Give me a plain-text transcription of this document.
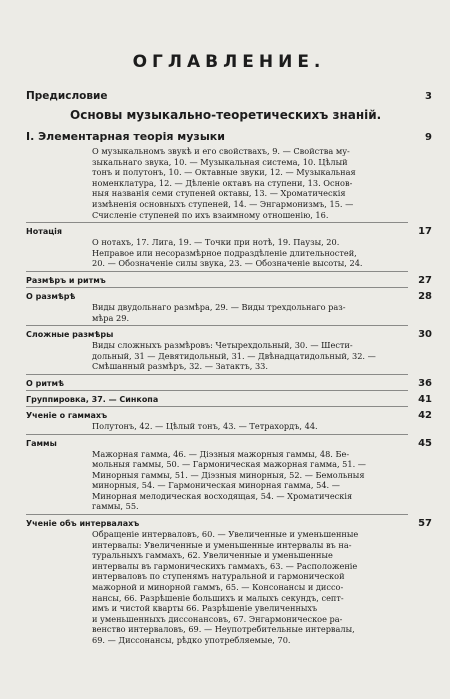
ОГЛАВЛЕНИЕ.
Предисловие	3
Основы музыкально-теоретическихъ знаній.
I. Элементарная теорія музыки	9
О музыкальномъ звукѣ и его свойствахъ, 9. — Свойства му-
зыкальнаго звука, 10. — Музыкальная система, 10. Цѣлый
тонъ и полутонъ, 10. — Октавные звуки, 12. — Музыкальная
номенклатура, 12. — Дѣленіе октавъ на ступени, 13. Основ-
ныя названія семи ступеней октавы, 13. — Хроматическія
измѣненія основныхъ ступеней, 14. — Энгармонизмъ, 15. —
Счисленіе ступеней по ихъ взаимному отношенію, 16.
Нотація	17
О нотахъ, 17. Лига, 19. — Точки при нотѣ, 19. Паузы, 20.
Неправое или несоразмѣрное подраздѣленіе длительностей,
20. — Обозначеніе силы звука, 23. — Обозначеніе высоты, 24.
Размѣръ и ритмъ	27
О размѣрѣ	28
Виды двудольнаго размѣра, 29. — Виды трехдольнаго раз-
мѣра 29.
Сложные размѣры	30
Виды сложныхъ размѣровъ: Четырехдольный, 30. — Шести-
дольный, 31 — Девятидольный, 31. — Двѣнадцатидольный, 32. —
Смѣшанный размѣръ, 32. — Затактъ, 33.
О ритмѣ	36
Группировка, 37. — Синкопа	41
Ученіе о гаммахъ	42
Полутонъ, 42. — Цѣлый тонъ, 43. — Тетрахордъ, 44.
Гаммы	45
Мажорная гамма, 46. — Діэзныя мажорныя гаммы, 48. Бе-
мольныя гаммы, 50. — Гармоническая мажорная гамма, 51. —
Минорныя гаммы, 51. — Діэзныя минорныя, 52. — Бемольныя
минорныя, 54. — Гармоническая минорная гамма, 54. —
Минорная мелодическая восходящая, 54. — Хроматическія
гаммы, 55.
Ученіе объ интервалахъ	57
Обращеніе интерваловъ, 60. — Увеличенные и уменьшенные
интервалы: Увеличенные и уменьшенные интервалы въ на-
туральныхъ гаммахъ, 62. Увеличенные и уменьшенные
интервалы въ гармоническихъ гаммахъ, 63. — Расположеніе
интерваловъ по ступенямъ натуральной и гармонической
мажорной и минорной гаммъ, 65. — Консонансы и диссо-
нансы, 66. Разрѣшеніе большихъ и малыхъ секундъ, септ-
имъ и чистой кварты 66. Разрѣшеніе увеличенныхъ
и уменьшенныхъ диссонансовъ, 67. Энгармоническое ра-
венство интерваловъ, 69. — Неупотребительные интервалы,
69. — Диссонансы, рѣдко употребляемые, 70.
